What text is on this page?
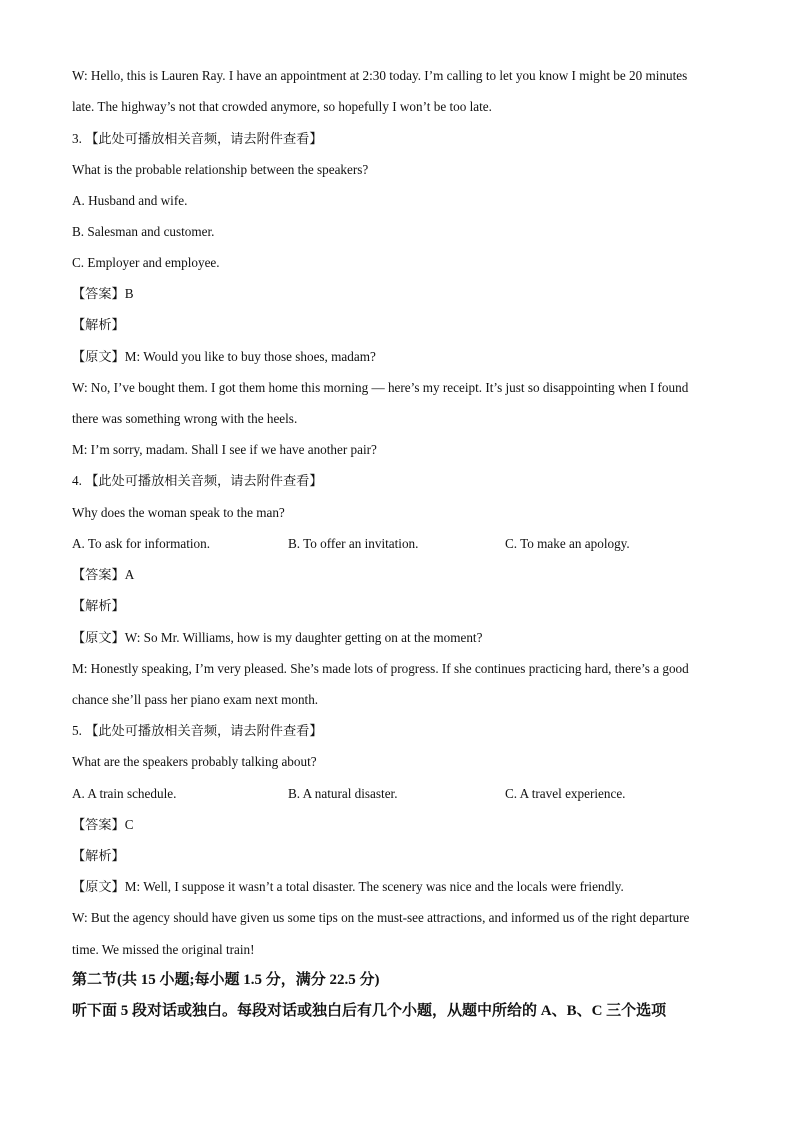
W: Hello, this is Lauren Ray. I have an appointment at 2:30 today. I’m calling to let you know I might be 20 minutes
late. The highway’s not that crowded anymore, so hopefully I won’t be too late.
3. 【此处可播放相关音频，请去附件查看】
What is the probable relationship between the speakers?
A. Husband and wife.
B. Salesman and customer.
C. Employer and employee.
【答案】B
【解析】
【原文】M: Would you like to buy those shoes, madam?
W: No, I’ve bought them. I got them home this morning — here’s my receipt. It’s just so disappointing when I found
there was something wrong with the heels.
M: I’m sorry, madam. Shall I see if we have another pair?
4. 【此处可播放相关音频，请去附件查看】
Why does the woman speak to the man?
A. To ask for information.	B. To offer an invitation.	C. To make an apology.
【答案】A
【解析】
【原文】W: So Mr. Williams, how is my daughter getting on at the moment?
M: Honestly speaking, I’m very pleased. She’s made lots of progress. If she continues practicing hard, there’s a good
chance she’ll pass her piano exam next month.
5. 【此处可播放相关音频，请去附件查看】
What are the speakers probably talking about?
A. A train schedule.	B. A natural disaster.	C. A travel experience.
【答案】C
【解析】
【原文】M: Well, I suppose it wasn’t a total disaster. The scenery was nice and the locals were friendly.
W: But the agency should have given us some tips on the must-see attractions, and informed us of the right departure
time. We missed the original train!
第二节(共 15 小题;每小题 1.5 分，满分 22.5 分)
听下面 5 段对话或独白。每段对话或独白后有几个小题，从题中所给的 A、B、C 三个选项
